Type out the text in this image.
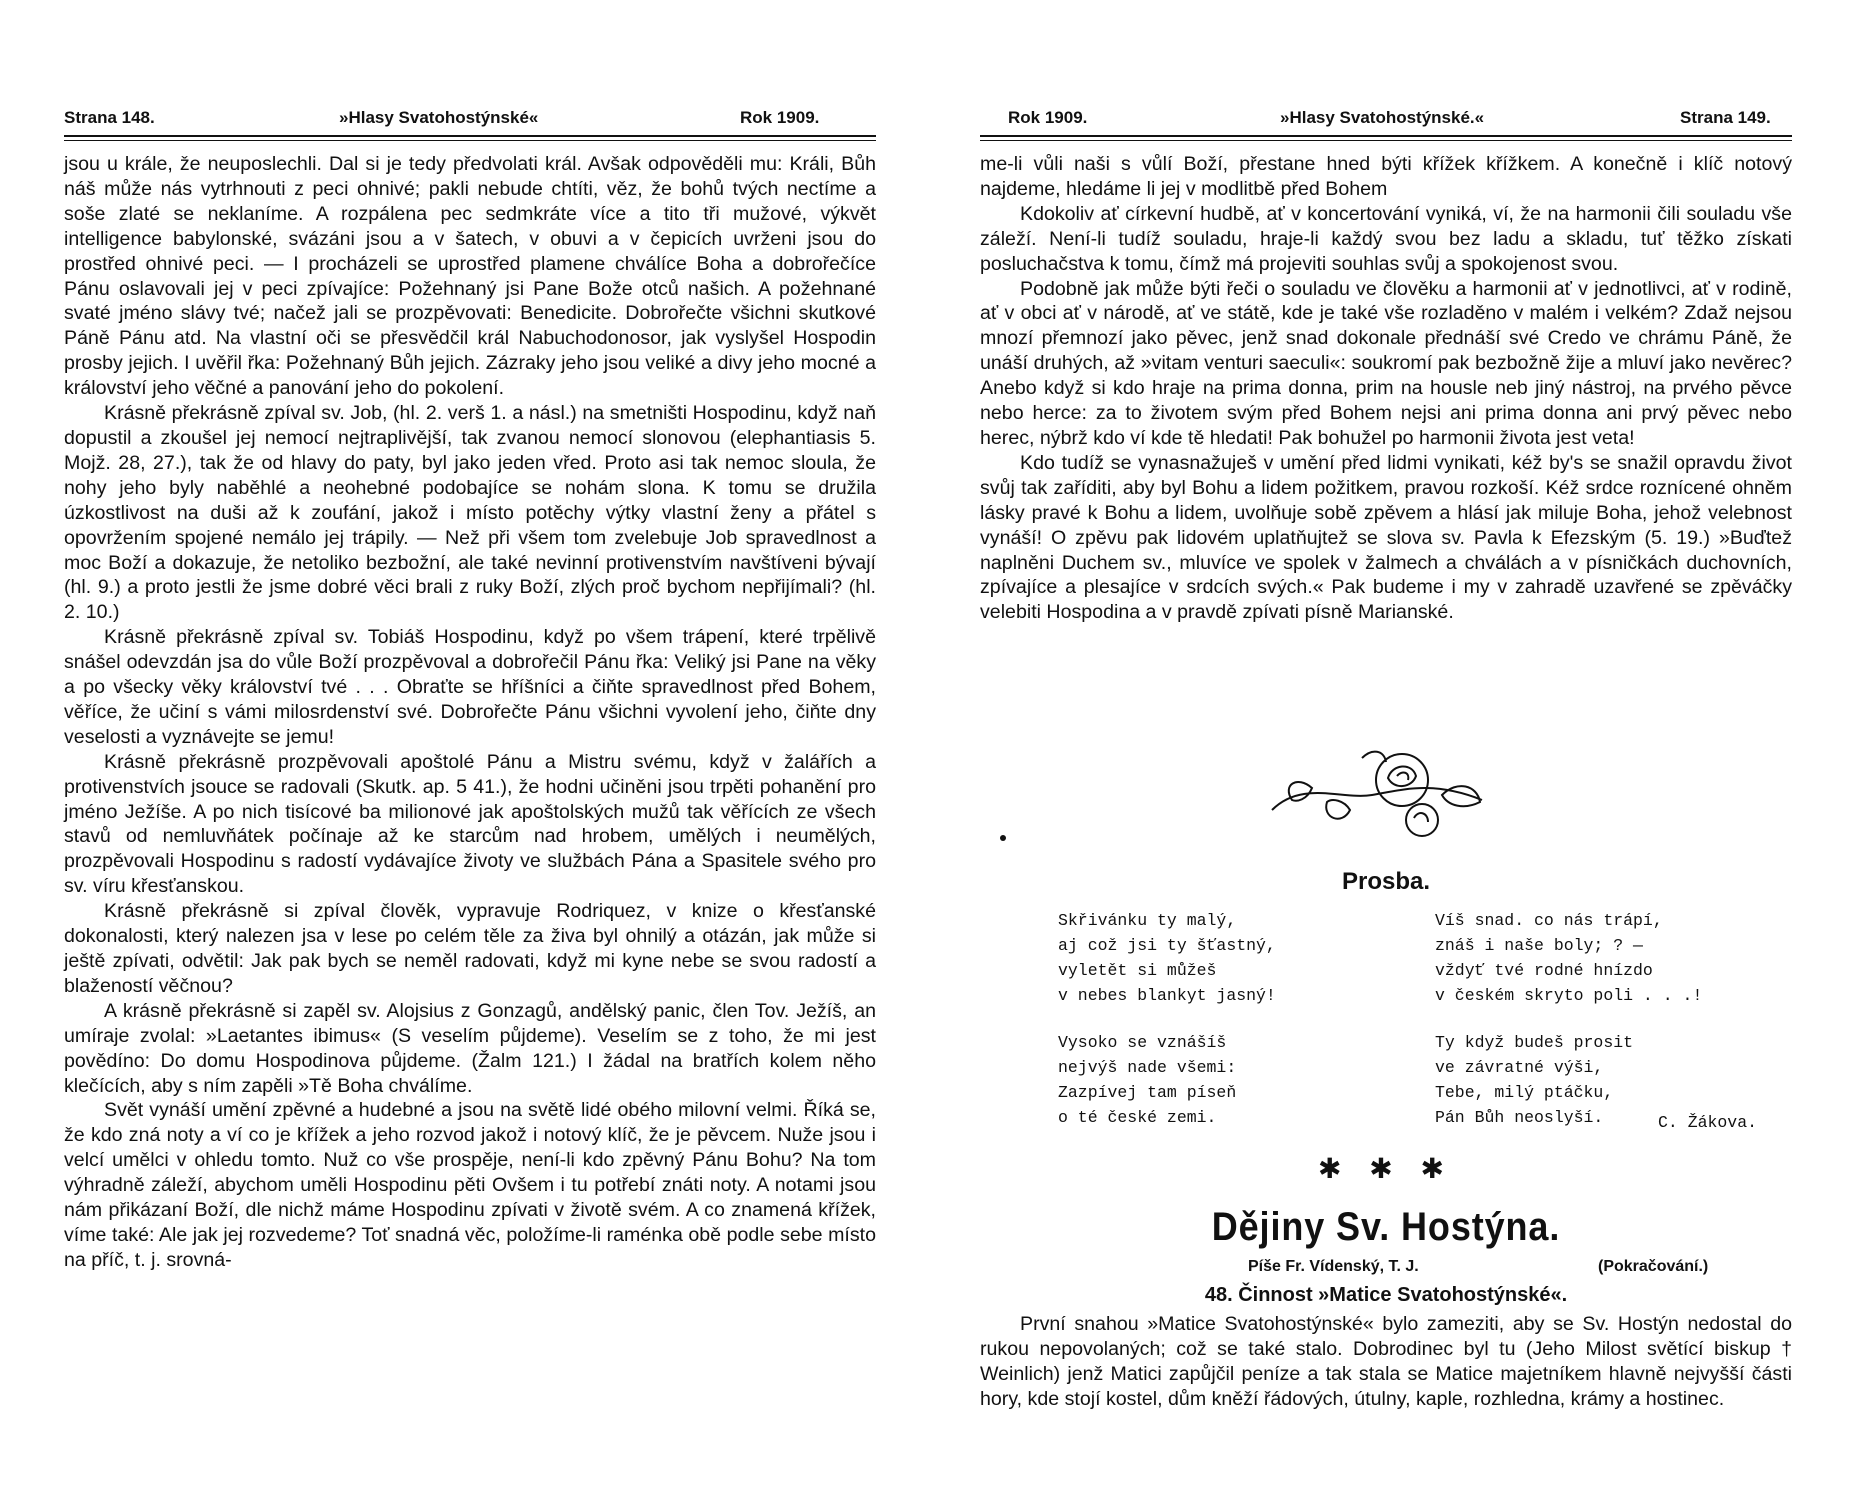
Strana 148.	»Hlasy Svatohostýnské«	Rok 1909.

jsou u krále, že neuposlechli. Dal si je tedy předvolati král. Avšak odpověděli mu: Králi, Bůh náš může nás vytrhnouti z peci ohnivé; pakli nebude chtíti, věz, že bohů tvých nectíme a soše zlaté se neklaníme. A rozpálena pec sedmkráte více a tito tři mužové, výkvět intelligence babylonské, svázáni jsou a v šatech, v obuvi a v čepicích uvrženi jsou do prostřed ohnivé peci. — I procházeli se uprostřed plamene chválíce Boha a dobrořečíce Pánu oslavovali jej v peci zpívajíce: Požehnaný jsi Pane Bože otců našich. A požehnané svaté jméno slávy tvé; načež jali se prozpěvovati: Benedicite. Dobrořečte všichni skutkové Páně Pánu atd. Na vlastní oči se přesvědčil král Nabuchodonosor, jak vyslyšel Hospodin prosby jejich. I uvěřil řka: Požehnaný Bůh jejich. Zázraky jeho jsou veliké a divy jeho mocné a království jeho věčné a panování jeho do pokolení.

Krásně překrásně zpíval sv. Job, (hl. 2. verš 1. a násl.) na smetništi Hospodinu, když naň dopustil a zkoušel jej nemocí nejtraplivější, tak zvanou nemocí slonovou (elephantiasis 5. Mojž. 28, 27.), tak že od hlavy do paty, byl jako jeden vřed. Proto asi tak nemoc sloula, že nohy jeho byly naběhlé a neohebné podobajíce se nohám slona. K tomu se družila úzkostlivost na duši až k zoufání, jakož i místo potěchy výtky vlastní ženy a přátel s opovržením spojené nemálo jej trápily. — Než při všem tom zvelebuje Job spravedlnost a moc Boží a dokazuje, že netoliko bezbožní, ale také nevinní protivenstvím navštíveni bývají (hl. 9.) a proto jestli že jsme dobré věci brali z ruky Boží, zlých proč bychom nepřijímali? (hl. 2. 10.)

Krásně překrásně zpíval sv. Tobiáš Hospodinu, když po všem trápení, které trpělivě snášel odevzdán jsa do vůle Boží prozpěvoval a dobrořečil Pánu řka: Veliký jsi Pane na věky a po všecky věky království tvé . . . Obraťte se hříšníci a čiňte spravedlnost před Bohem, věříce, že učiní s vámi milosrdenství své. Dobrořečte Pánu všichni vyvolení jeho, čiňte dny veselosti a vyznávejte se jemu!

Krásně překrásně prozpěvovali apoštolé Pánu a Mistru svému, když v žalářích a protivenstvích jsouce se radovali (Skutk. ap. 5 41.), že hodni učiněni jsou trpěti pohanění pro jméno Ježíše. A po nich tisícové ba milionové jak apoštolských mužů tak věřících ze všech stavů od nemluvňátek počínaje až ke starcům nad hrobem, umělých i neumělých, prozpěvovali Hospodinu s radostí vydávajíce životy ve službách Pána a Spasitele svého pro sv. víru křesťanskou.

Krásně překrásně si zpíval člověk, vypravuje Rodriquez, v knize o křesťanské dokonalosti, který nalezen jsa v lese po celém těle za živa byl ohnilý a otázán, jak může si ještě zpívati, odvětil: Jak pak bych se neměl radovati, když mi kyne nebe se svou radostí a blažeností věčnou?

A krásně překrásně si zapěl sv. Alojsius z Gonzagů, andělský panic, člen Tov. Ježíš, an umíraje zvolal: »Laetantes ibimus« (S veselím půjdeme). Veselím se z toho, že mi jest povědíno: Do domu Hospodinova půjdeme. (Žalm 121.) I žádal na bratřích kolem něho klečících, aby s ním zapěli »Tě Boha chválíme.

Svět vynáší umění zpěvné a hudebné a jsou na světě lidé obého milovní velmi. Říká se, že kdo zná noty a ví co je křížek a jeho rozvod jakož i notový klíč, že je pěvcem. Nuže jsou i velcí umělci v ohledu tomto. Nuž co vše prospěje, není-li kdo zpěvný Pánu Bohu? Na tom výhradně záleží, abychom uměli Hospodinu pěti Ovšem i tu potřebí znáti noty. A notami jsou nám přikázaní Boží, dle nichž máme Hospodinu zpívati v životě svém. A co znamená křížek, víme také: Ale jak jej rozvedeme? Toť snadná věc, položíme-li raménka obě podle sebe místo na příč, t. j. srovná-

Rok 1909.	»Hlasy Svatohostýnské.«	Strana 149.

me-li vůli naši s vůlí Boží, přestane hned býti křížek křížkem. A konečně i klíč notový najdeme, hledáme li jej v modlitbě před Bohem

Kdokoliv ať církevní hudbě, ať v koncertování vyniká, ví, že na harmonii čili souladu vše záleží. Není-li tudíž souladu, hraje-li každý svou bez ladu a skladu, tuť těžko získati posluchačstva k tomu, čímž má projeviti souhlas svůj a spokojenost svou.

Podobně jak může býti řeči o souladu ve člověku a harmonii ať v jednotlivci, ať v rodině, ať v obci ať v národě, ať ve státě, kde je také vše rozladěno v malém i velkém? Zdaž nejsou mnozí přemnozí jako pěvec, jenž snad dokonale přednáší své Credo ve chrámu Páně, že unáší druhých, až »vitam venturi saeculi«: soukromí pak bezbožně žije a mluví jako nevěrec? Anebo když si kdo hraje na prima donna, prim na housle neb jiný nástroj, na prvého pěvce nebo herce: za to životem svým před Bohem nejsi ani prima donna ani prvý pěvec nebo herec, nýbrž kdo ví kde tě hledati! Pak bohužel po harmonii života jest veta!

Kdo tudíž se vynasnažuješ v umění před lidmi vynikati, kéž by's se snažil opravdu život svůj tak zaříditi, aby byl Bohu a lidem požitkem, pravou rozkoší. Kéž srdce roznícené ohněm lásky pravé k Bohu a lidem, uvolňuje sobě zpěvem a hlásí jak miluje Boha, jehož velebnost vynáší! O zpěvu pak lidovém uplatňujtež se slova sv. Pavla k Efezským (5. 19.) »Buďtež naplněni Duchem sv., mluvíce ve spolek v žalmech a chválách a v písničkách duchovních, zpívajíce a plesajíce v srdcích svých.« Pak budeme i my v zahradě uzavřené se zpěváčky velebiti Hospodina a v pravdě zpívati písně Marianské.

Prosba.
Skřivánku ty malý,
aj což jsi ty šťastný,
vyletět si můžeš
v nebes blankyt jasný!
Vysoko se vznášíš
nejvýš nade všemi:
Zazpívej tam píseň
o té české zemi.
Víš snad. co nás trápí,
znáš i naše boly; ? —
vždyť tvé rodné hnízdo
v českém skryto poli . . .!
Ty když budeš prosit
ve závratné výši,
Tebe, milý ptáčku,
Pán Bůh neoslyší.	C. Žákova.
✱ ✱ ✱
Dějiny Sv. Hostýna.
Píše Fr. Vídenský, T. J.	(Pokračování.)
48. Činnost »Matice Svatohostýnské«.

První snahou »Matice Svatohostýnské« bylo zameziti, aby se Sv. Hostýn nedostal do rukou nepovolaných; což se také stalo. Dobrodinec byl tu (Jeho Milost světící biskup † Weinlich) jenž Matici zapůjčil peníze a tak stala se Matice majetníkem hlavně nejvyšší části hory, kde stojí kostel, dům kněží řádových, útulny, kaple, rozhledna, krámy a hostinec.
